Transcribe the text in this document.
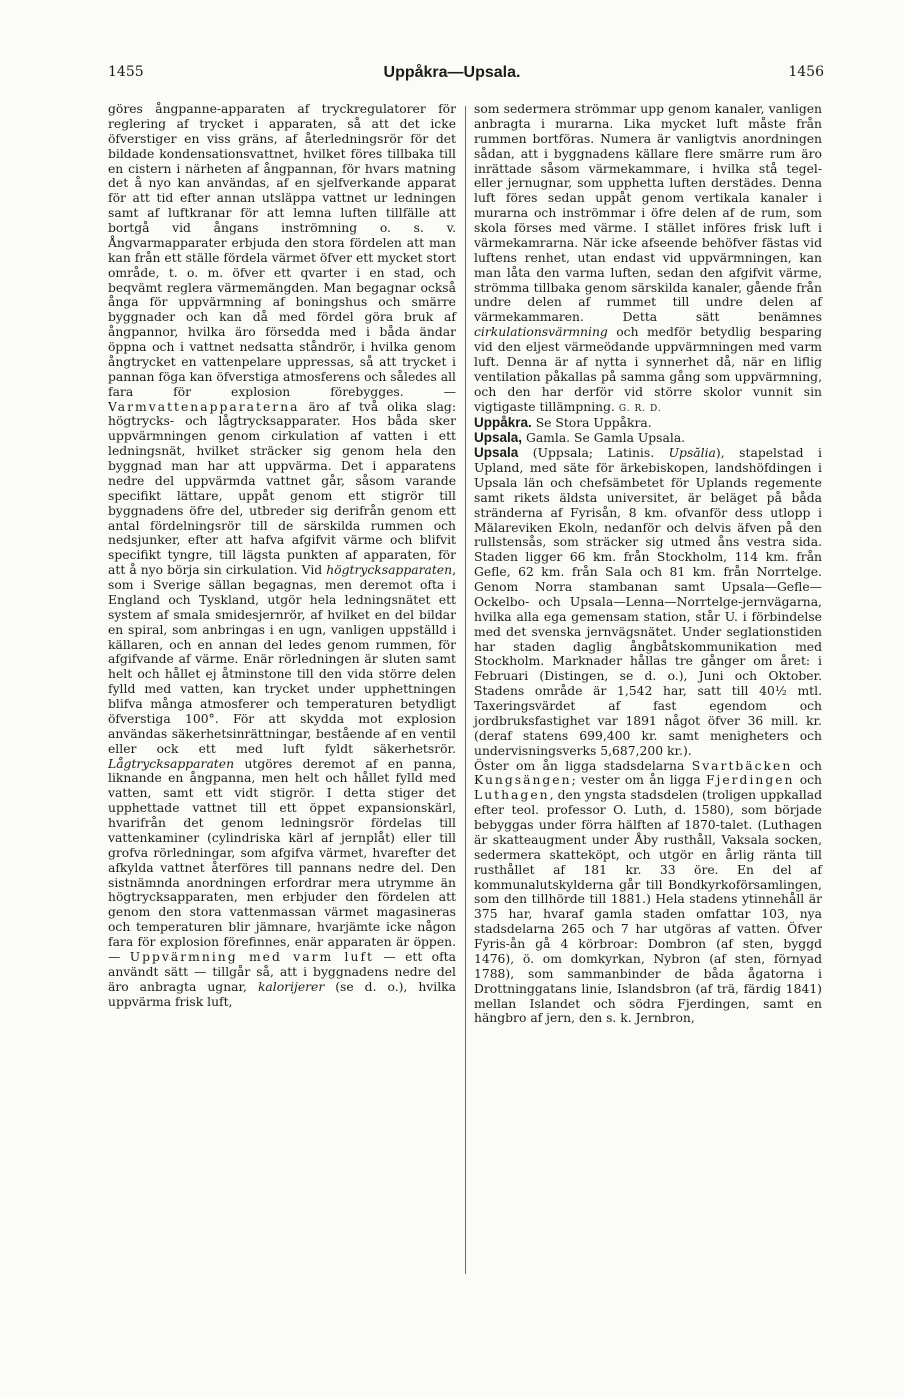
1455	Uppåkra—Upsala.	1456

göres ångpanne-apparaten af tryckregulatorer för reglering af trycket i apparaten, så att det icke öfverstiger en viss gräns, af återledningsrör för det bildade kondensationsvattnet, hvilket föres tillbaka till en cistern i närheten af ångpannan, för hvars matning det å nyo kan användas, af en sjelfverkande apparat för att tid efter annan utsläppa vattnet ur ledningen samt af luftkranar för att lemna luften tillfälle att bortgå vid ångans inströmning o. s. v. Ångvarmapparater erbjuda den stora fördelen att man kan från ett ställe fördela värmet öfver ett mycket stort område, t. o. m. öfver ett qvarter i en stad, och beqvämt reglera värmemängden. Man begagnar också ånga för uppvärmning af boningshus och smärre byggnader och kan då med fördel göra bruk af ångpannor, hvilka äro försedda med i båda ändar öppna och i vattnet nedsatta ståndrör, i hvilka genom ångtrycket en vattenpelare uppressas, så att trycket i pannan föga kan öfverstiga atmosferens och således all fara för explosion förebygges. — Varmvattenapparaterna äro af två olika slag: högtrycks- och lågtrycksapparater. Hos båda sker uppvärmningen genom cirkulation af vatten i ett ledningsnät, hvilket sträcker sig genom hela den byggnad man har att uppvärma. Det i apparatens nedre del uppvärmda vattnet går, såsom varande specifikt lättare, uppåt genom ett stigrör till byggnadens öfre del, utbreder sig derifrån genom ett antal fördelningsrör till de särskilda rummen och nedsjunker, efter att hafva afgifvit värme och blifvit specifikt tyngre, till lägsta punkten af apparaten, för att å nyo börja sin cirkulation. Vid högtrycksapparaten, som i Sverige sällan begagnas, men deremot ofta i England och Tyskland, utgör hela ledningsnätet ett system af smala smidesjernrör, af hvilket en del bildar en spiral, som anbringas i en ugn, vanligen uppställd i källaren, och en annan del ledes genom rummen, för afgifvande af värme. Enär rörledningen är sluten samt helt och hållet ej åtminstone till den vida större delen fylld med vatten, kan trycket under upphettningen blifva många atmosferer och temperaturen betydligt öfverstiga 100°. För att skydda mot explosion användas säkerhetsinrättningar, bestående af en ventil eller ock ett med luft fyldt säkerhetsrör. Lågtrycksapparaten utgöres deremot af en panna, liknande en ångpanna, men helt och hållet fylld med vatten, samt ett vidt stigrör. I detta stiger det upphettade vattnet till ett öppet expansionskärl, hvarifrån det genom ledningsrör fördelas till vattenkaminer (cylindriska kärl af jernplåt) eller till grofva rörledningar, som afgifva värmet, hvarefter det afkylda vattnet återföres till pannans nedre del. Den sistnämnda anordningen erfordrar mera utrymme än högtrycksapparaten, men erbjuder den fördelen att genom den stora vattenmassan värmet magasineras och temperaturen blir jämnare, hvarjämte icke någon fara för explosion förefinnes, enär apparaten är öppen. — Uppvärmning med varm luft — ett ofta användt sätt — tillgår så, att i byggnadens nedre del äro anbragta ugnar, kalorijerer (se d. o.), hvilka uppvärma frisk luft,

som sedermera strömmar upp genom kanaler, vanligen anbragta i murarna. Lika mycket luft måste från rummen bortföras. Numera är vanligtvis anordningen sådan, att i byggnadens källare flere smärre rum äro inrättade såsom värmekammare, i hvilka stå tegel- eller jernugnar, som upphetta luften derstädes. Denna luft föres sedan uppåt genom vertikala kanaler i murarna och inströmmar i öfre delen af de rum, som skola förses med värme. I stället införes frisk luft i värmekamrarna. När icke afseende behöfver fästas vid luftens renhet, utan endast vid uppvärmningen, kan man låta den varma luften, sedan den afgifvit värme, strömma tillbaka genom särskilda kanaler, gående från undre delen af rummet till undre delen af värmekammaren. Detta sätt benämnes cirkulationsvärmning och medför betydlig besparing vid den eljest värmeödande uppvärmningen med varm luft. Denna är af nytta i synnerhet då, när en liflig ventilation påkallas på samma gång som uppvärmning, och den har derför vid större skolor vunnit sin vigtigaste tillämpning. G. R. D.

Uppåkra. Se Stora Uppåkra.

Upsala, Gamla. Se Gamla Upsala.

Upsala (Uppsala; Latinis. Upsălia), stapelstad i Upland, med säte för ärkebiskopen, landshöfdingen i Upsala län och chefsämbetet för Uplands regemente samt rikets äldsta universitet, är beläget på båda stränderna af Fyrisån, 8 km. ofvanför dess utlopp i Mälareviken Ekoln, nedanför och delvis äfven på den rullstensås, som sträcker sig utmed åns vestra sida. Staden ligger 66 km. från Stockholm, 114 km. från Gefle, 62 km. från Sala och 81 km. från Norrtelge. Genom Norra stambanan samt Upsala—Gefle—Ockelbo- och Upsala—Lenna—Norrtelge-jernvägarna, hvilka alla ega gemensam station, står U. i förbindelse med det svenska jernvägsnätet. Under seglationstiden har staden daglig ångbåtskommunikation med Stockholm. Marknader hållas tre gånger om året: i Februari (Distingen, se d. o.), Juni och Oktober. Stadens område är 1,542 har, satt till 40½ mtl. Taxeringsvärdet af fast egendom och jordbruksfastighet var 1891 något öfver 36 mill. kr. (deraf statens 699,400 kr. samt menigheters och undervisningsverks 5,687,200 kr.).

Öster om ån ligga stadsdelarna Svartbäcken och Kungsängen; vester om ån ligga Fjerdingen och Luthagen, den yngsta stadsdelen (troligen uppkallad efter teol. professor O. Luth, d. 1580), som började bebyggas under förra hälften af 1870-talet. (Luthagen är skatteaugment under Åby rusthåll, Vaksala socken, sedermera skatteköpt, och utgör en årlig ränta till rusthållet af 181 kr. 33 öre. En del af kommunalutskylderna går till Bondkyrkoförsamlingen, som den tillhörde till 1881.) Hela stadens ytinnehåll är 375 har, hvaraf gamla staden omfattar 103, nya stadsdelarna 265 och 7 har utgöras af vatten. Öfver Fyris-ån gå 4 körbroar: Dombron (af sten, byggd 1476), ö. om domkyrkan, Nybron (af sten, förnyad 1788), som sammanbinder de båda ågatorna i Drottninggatans linie, Islandsbron (af trä, färdig 1841) mellan Islandet och södra Fjerdingen, samt en hängbro af jern, den s. k. Jernbron,
